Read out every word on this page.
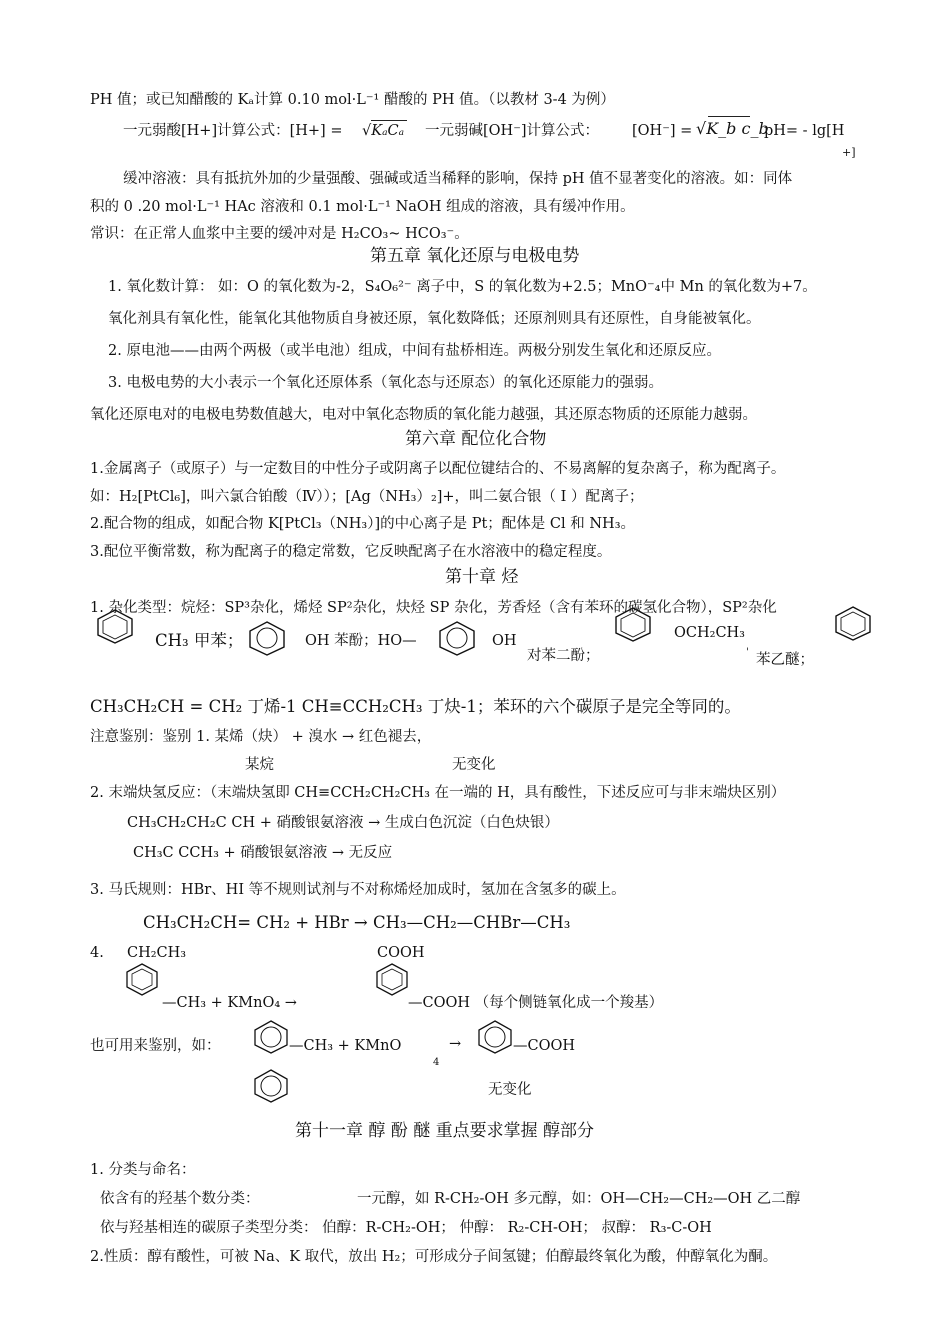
PH 值；或已知醋酸的 Kₐ计算 0.10 mol·L⁻¹ 醋酸的 PH 值。（以教材 3-4 为例）
一元弱酸[H+]计算公式：[H+] = √KₐCₐ 一元弱碱[OH⁻]计算公式： [OH⁻] = √K_b c_b
pH= - lg[H
+]
缓冲溶液：具有抵抗外加的少量强酸、强碱或适当稀释的影响，保持 pH 值不显著变化的溶液。如：同体
积的 0 .20 mol·L⁻¹ HAc 溶液和 0.1 mol·L⁻¹ NaOH 组成的溶液，具有缓冲作用。
常识：在正常人血浆中主要的缓冲对是 H₂CO₃~ HCO₃⁻。
第五章 氧化还原与电极电势
1. 氧化数计算： 如：O 的氧化数为-2，S₄O₆²⁻ 离子中，S 的氧化数为+2.5；MnO⁻₄中 Mn 的氧化数为+7。
氧化剂具有氧化性，能氧化其他物质自身被还原，氧化数降低；还原剂则具有还原性，自身能被氧化。
2. 原电池——由两个两极（或半电池）组成，中间有盐桥相连。两极分别发生氧化和还原反应。
3. 电极电势的大小表示一个氧化还原体系（氧化态与还原态）的氧化还原能力的强弱。
氧化还原电对的电极电势数值越大，电对中氧化态物质的氧化能力越强，其还原态物质的还原能力越弱。
第六章 配位化合物
1.金属离子（或原子）与一定数目的中性分子或阴离子以配位键结合的、不易离解的复杂离子，称为配离子。
如：H₂[PtCl₆]，叫六氯合铂酸（Ⅳ））；[Ag（NH₃）₂]+，叫二氨合银（ Ⅰ ）配离子；
2.配合物的组成，如配合物 K[PtCl₃（NH₃）]的中心离子是 Pt；配体是 Cl 和 NH₃。
3.配位平衡常数，称为配离子的稳定常数，它反映配离子在水溶液中的稳定程度。
第十章 烃
1. 杂化类型：烷烃：SP³杂化，烯烃 SP²杂化，炔烃 SP 杂化，芳香烃（含有苯环的碳氢化合物），SP²杂化
CH₃ 甲苯；	OH 苯酚；HO—	OH
对苯二酚；
OCH₂CH₃
' 苯乙醚；
CH₃CH₂CH = CH₂ 丁烯-1 CH≡CCH₂CH₃ 丁炔-1；苯环的六个碳原子是完全等同的。
注意鉴别：鉴别 1. 某烯（炔） + 溴水 → 红色褪去，
某烷	无变化
2. 末端炔氢反应：（末端炔氢即 CH≡CCH₂CH₂CH₃ 在一端的 H，具有酸性，下述反应可与非末端炔区别）
CH₃CH₂CH₂C CH + 硝酸银氨溶液 → 生成白色沉淀（白色炔银）
CH₃C CCH₃ + 硝酸银氨溶液 → 无反应
3. 马氏规则：HBr、HI 等不规则试剂与不对称烯烃加成时，氢加在含氢多的碳上。
CH₃CH₂CH= CH₂ + HBr → CH₃—CH₂—CHBr—CH₃
4. CH₂CH₃	COOH
—CH₃ + KMnO₄ →	—COOH （每个侧链氧化成一个羧基）
也可用来鉴别，如：	—CH₃ + KMnO
4
→	—COOH
无变化
第十一章 醇 酚 醚 重点要求掌握 醇部分
1. 分类与命名：
依含有的羟基个数分类：	一元醇，如 R-CH₂-OH 多元醇，如：OH—CH₂—CH₂—OH 乙二醇
依与羟基相连的碳原子类型分类： 伯醇：R-CH₂-OH； 仲醇： R₂-CH-OH； 叔醇： R₃-C-OH
2.性质：醇有酸性，可被 Na、K 取代，放出 H₂；可形成分子间氢键；伯醇最终氧化为酸，仲醇氧化为酮。
